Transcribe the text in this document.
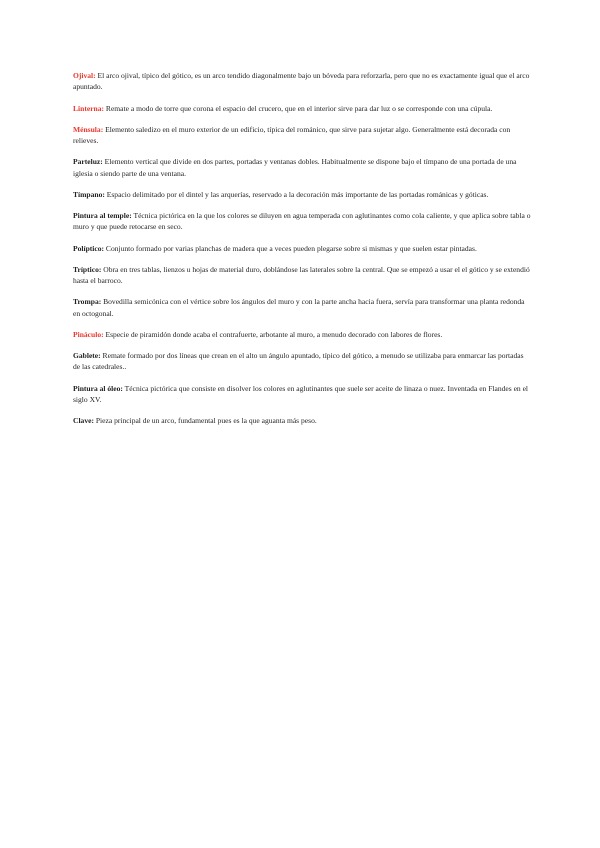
Ojival: El arco ojival, típico del gótico, es un arco tendido diagonalmente bajo un bóveda para reforzarla, pero que no es exactamente igual que el arco apuntado.

Linterna: Remate a modo de torre que corona el espacio del crucero, que en el interior sirve para dar luz o se corresponde con una cúpula.

Ménsula: Elemento saledizo en el muro exterior de un edificio, típica del románico, que sirve para sujetar algo. Generalmente está decorada con relieves.

Parteluz: Elemento vertical que divide en dos partes, portadas y ventanas dobles. Habitualmente se dispone bajo el tímpano de una portada de una iglesia o siendo parte de una ventana.

Tímpano: Espacio delimitado por el dintel y las arquerías, reservado a la decoración más importante de las portadas románicas y góticas.

Pintura al temple: Técnica pictórica en la que los colores se diluyen en agua temperada con aglutinantes como cola caliente, y que aplica sobre tabla o muro y que puede retocarse en seco.

Políptico: Conjunto formado por varias planchas de madera que a veces pueden plegarse sobre si mismas y que suelen estar pintadas.

Tríptico: Obra en tres tablas, lienzos u hojas de material duro, doblándose las laterales sobre la central. Que se empezó a usar el el gótico y se extendió hasta el barroco.

Trompa: Bovedilla semicónica con el vértice sobre los ángulos del muro y con la parte ancha hacia fuera, servía para transformar una planta redonda en octogonal.

Pináculo: Especie de piramidón donde acaba el contrafuerte, arbotante al muro, a menudo decorado con labores de flores.

Gablete: Remate formado por dos líneas que crean en el alto un ángulo apuntado, típico del gótico, a menudo se utilizaba para enmarcar las portadas de las catedrales..

Pintura al óleo: Técnica pictórica que consiste en disolver los colores en aglutinantes que suele ser aceite de linaza o nuez. Inventada en Flandes en el siglo XV.

Clave: Pieza principal de un arco, fundamental pues es la que aguanta más peso.
